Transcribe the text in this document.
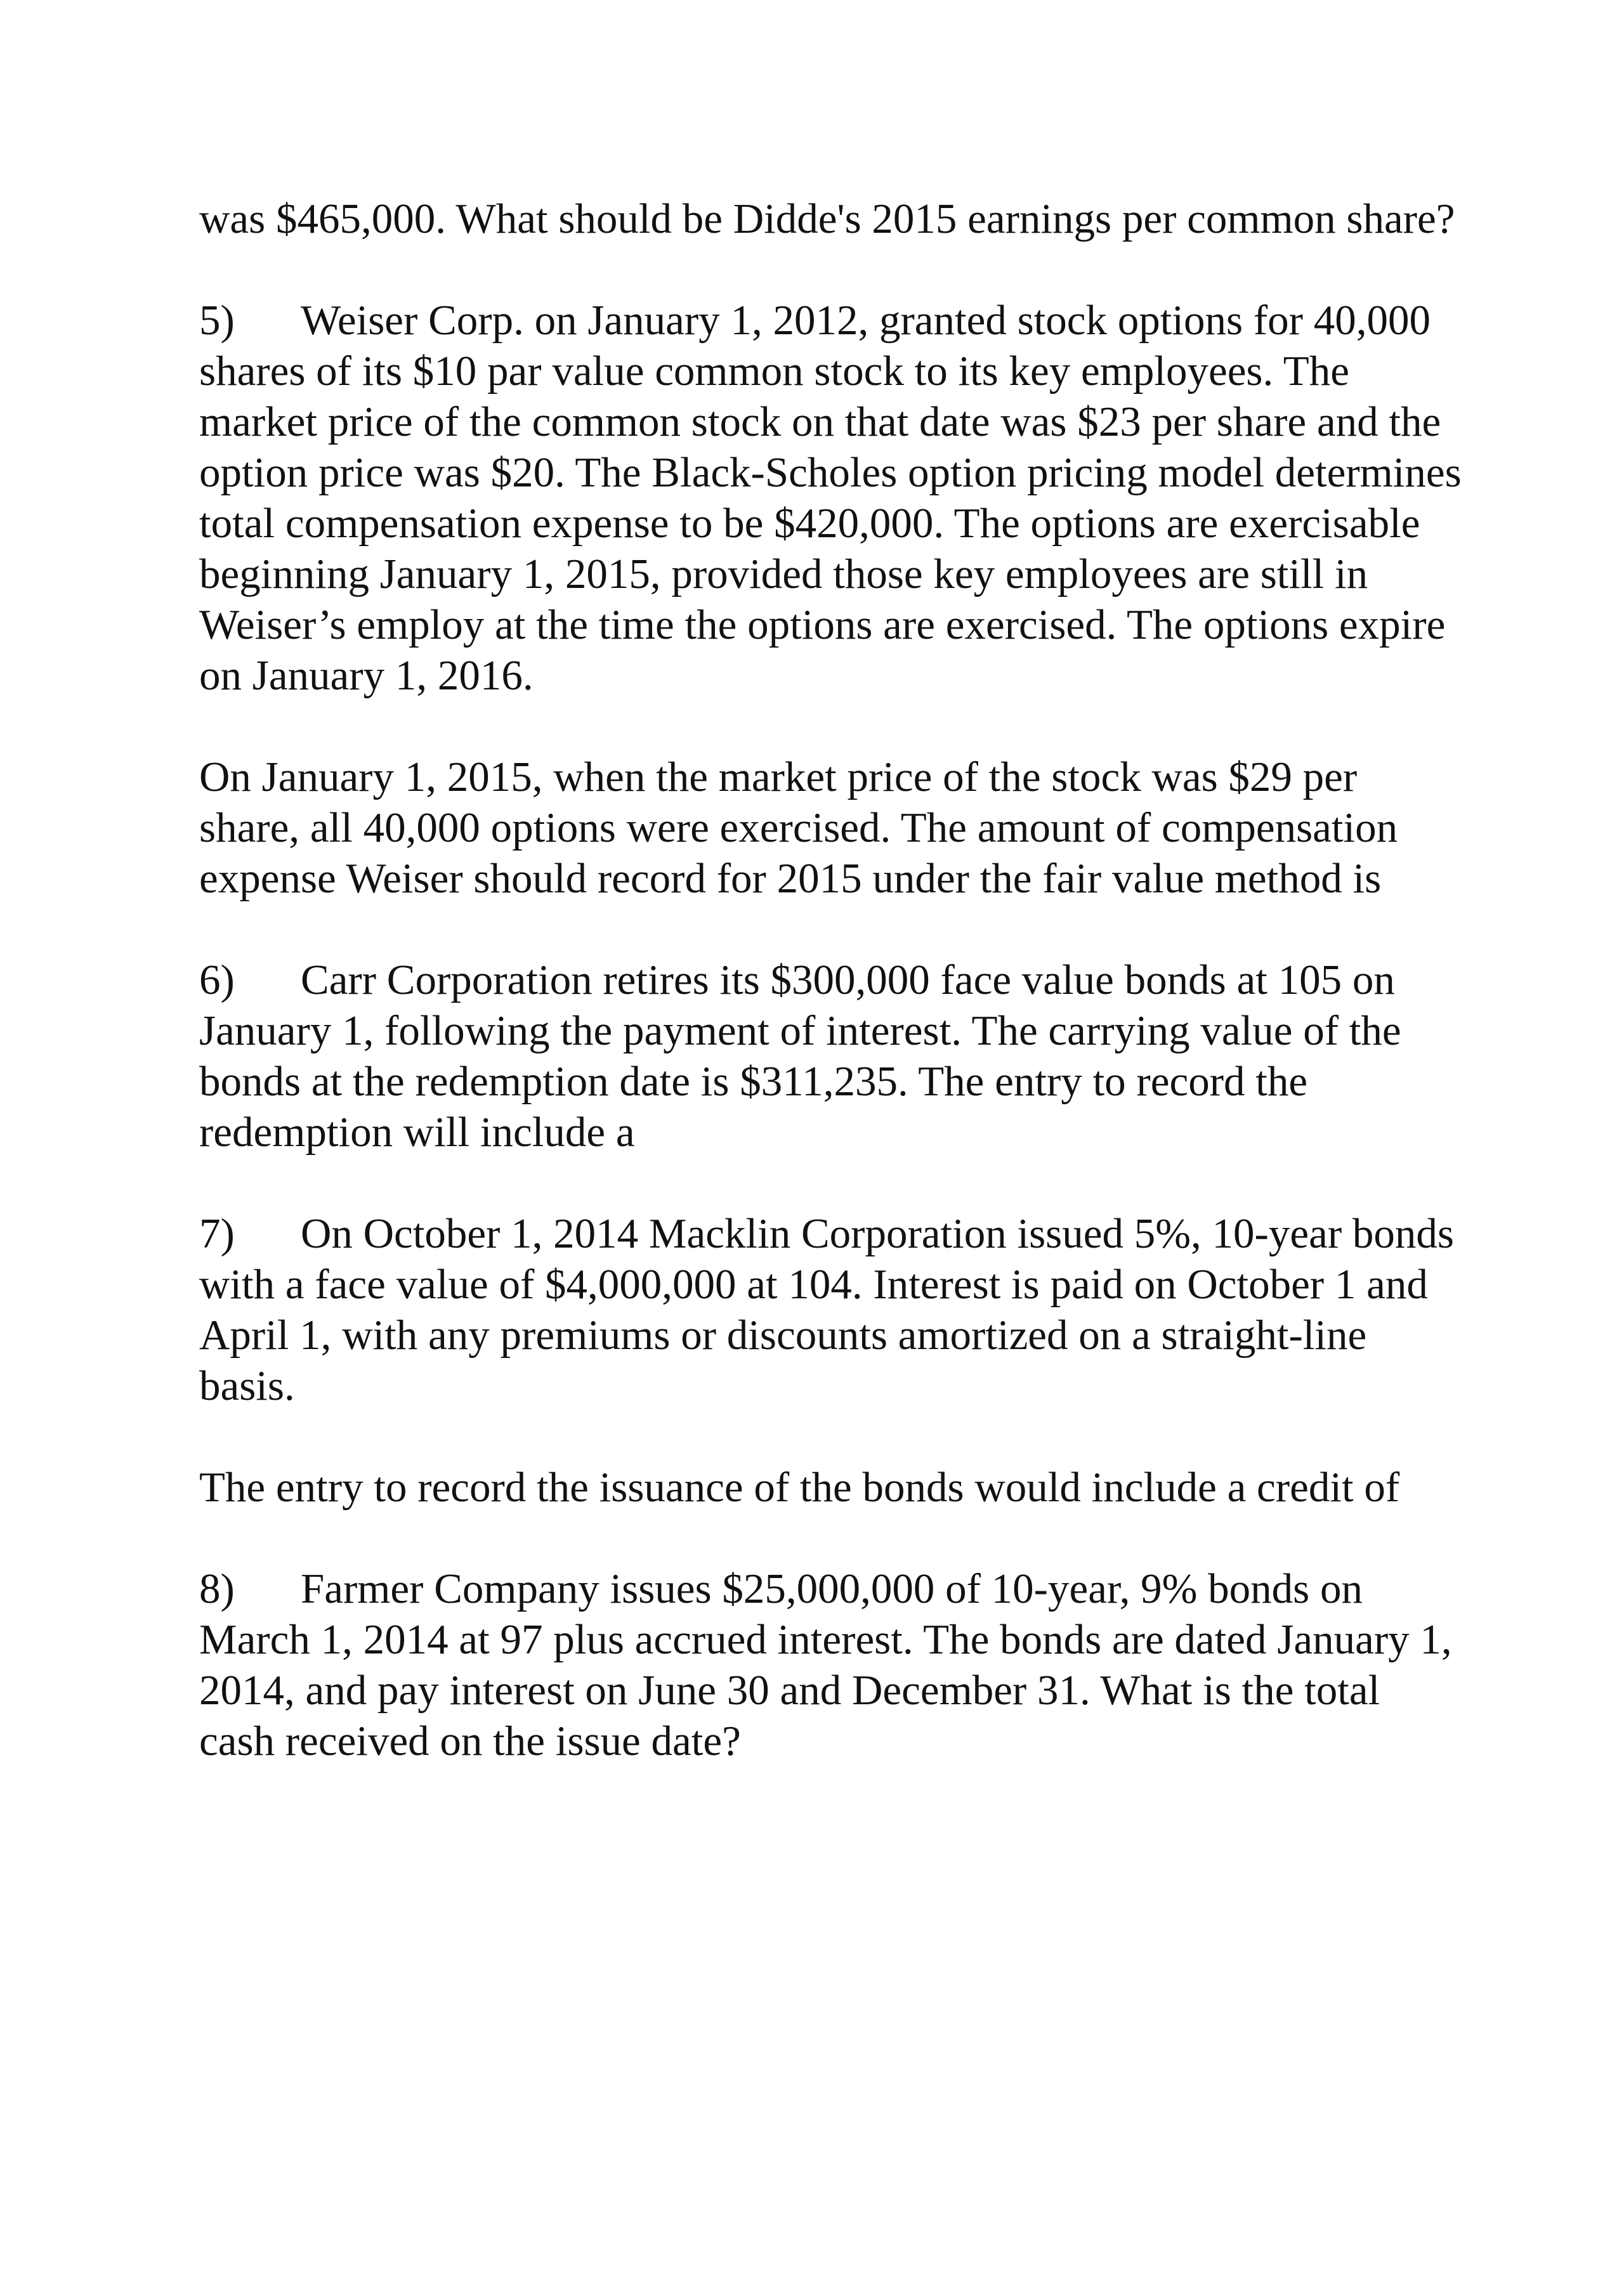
was $465,000. What should be Didde's 2015 earnings per common share?

5) Weiser Corp. on January 1, 2012, granted stock options for 40,000 shares of its $10 par value common stock to its key employees. The market price of the common stock on that date was $23 per share and the option price was $20. The Black-Scholes option pricing model determines total compensation expense to be $420,000. The options are exercisable beginning January 1, 2015, provided those key employees are still in Weiser’s employ at the time the options are exercised. The options expire on January 1, 2016.

On January 1, 2015, when the market price of the stock was $29 per share, all 40,000 options were exercised. The amount of compensation expense Weiser should record for 2015 under the fair value method is

6) Carr Corporation retires its $300,000 face value bonds at 105 on January 1, following the payment of interest. The carrying value of the bonds at the redemption date is $311,235. The entry to record the redemption will include a

7) On October 1, 2014 Macklin Corporation issued 5%, 10-year bonds with a face value of $4,000,000 at 104. Interest is paid on October 1 and April 1, with any premiums or discounts amortized on a straight-line basis.

The entry to record the issuance of the bonds would include a credit of

8) Farmer Company issues $25,000,000 of 10-year, 9% bonds on March 1, 2014 at 97 plus accrued interest. The bonds are dated January 1, 2014, and pay interest on June 30 and December 31. What is the total cash received on the issue date?
